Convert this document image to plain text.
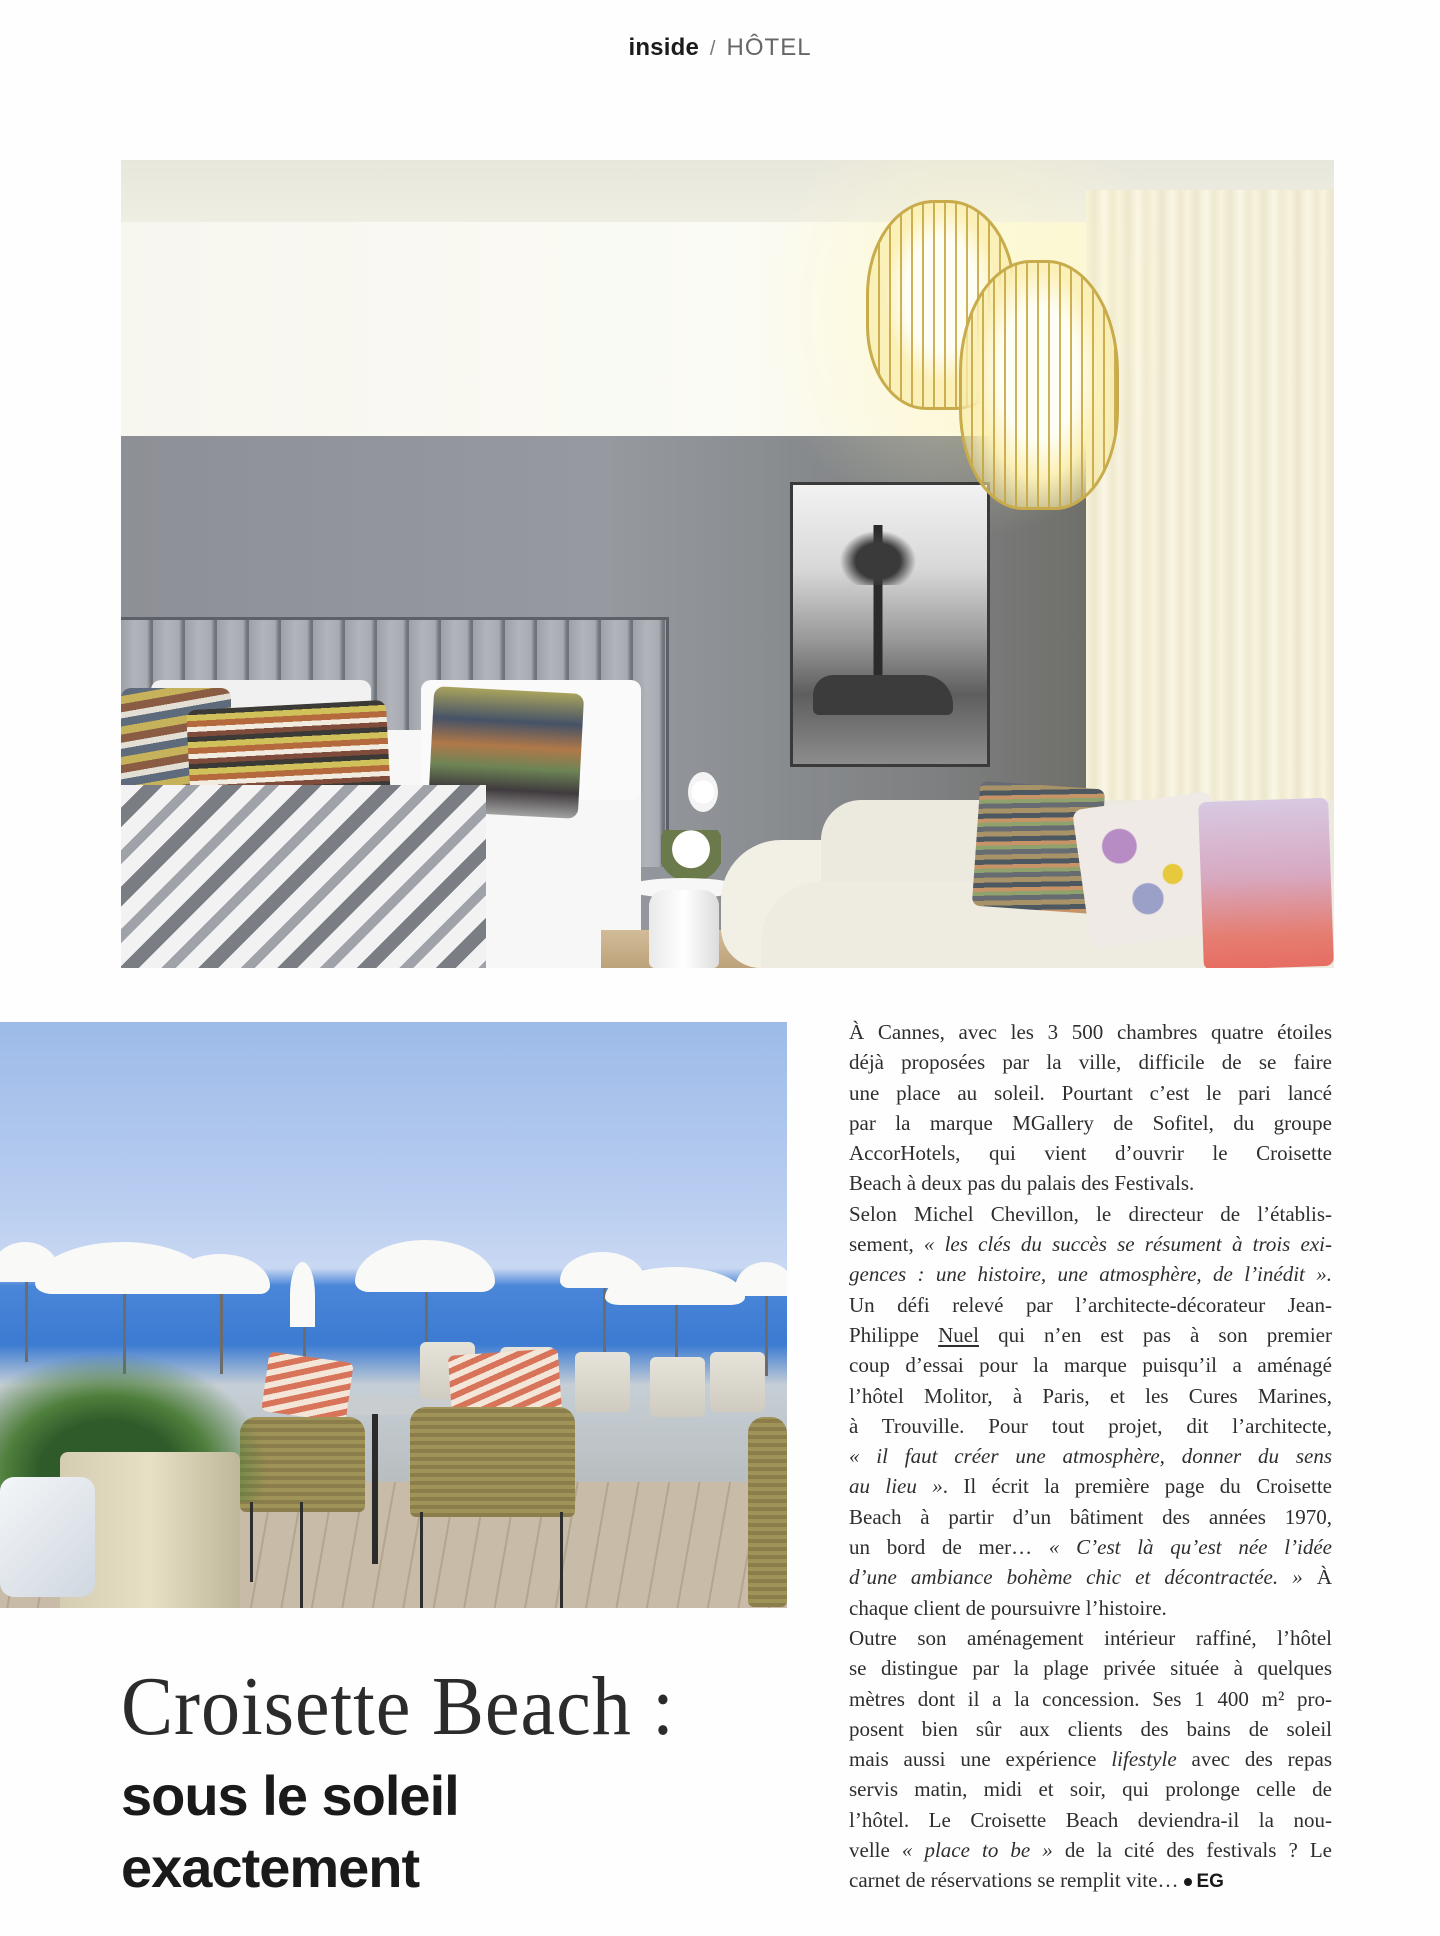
inside / HÔTEL
Croisette Beach :
sous le soleil
exactement
À Cannes, avec les 3 500 chambres quatre étoiles
déjà proposées par la ville, difficile de se faire
une place au soleil. Pourtant c’est le pari lancé
par la marque MGallery de Sofitel, du groupe
AccorHotels, qui vient d’ouvrir le Croisette
Beach à deux pas du palais des Festivals.
Selon Michel Chevillon, le directeur de l’établis-
sement, « les clés du succès se résument à trois exi-
gences : une histoire, une atmosphère, de l’inédit ».
Un défi relevé par l’architecte-décorateur Jean-
Philippe Nuel qui n’en est pas à son premier
coup d’essai pour la marque puisqu’il a aménagé
l’hôtel Molitor, à Paris, et les Cures Marines,
à Trouville. Pour tout projet, dit l’architecte,
« il faut créer une atmosphère, donner du sens
au lieu ». Il écrit la première page du Croisette
Beach à partir d’un bâtiment des années 1970,
un bord de mer… « C’est là qu’est née l’idée
d’une ambiance bohème chic et décontractée. » À
chaque client de poursuivre l’histoire.
Outre son aménagement intérieur raffiné, l’hôtel
se distingue par la plage privée située à quelques
mètres dont il a la concession. Ses 1 400 m² pro-
posent bien sûr aux clients des bains de soleil
mais aussi une expérience lifestyle avec des repas
servis matin, midi et soir, qui prolonge celle de
l’hôtel. Le Croisette Beach deviendra-il la nou-
velle « place to be » de la cité des festivals ? Le
carnet de réservations se remplit vite… EG
